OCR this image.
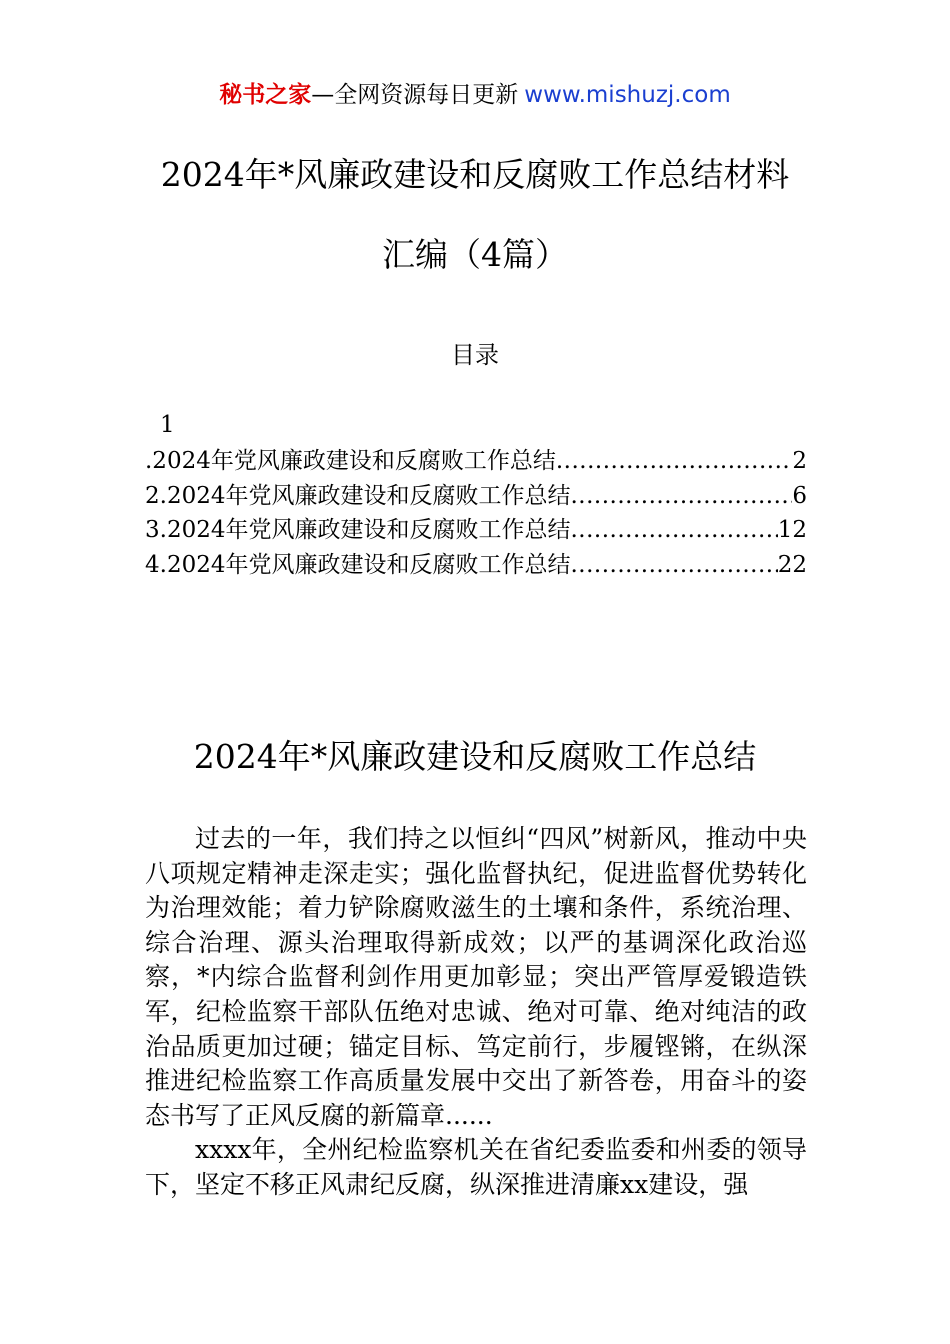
秘书之家—全网资源每日更新 www.mishuzj.com
2024年*风廉政建设和反腐败工作总结材料
汇编（4篇）
目录
1
.2024年党风廉政建设和反腐败工作总结 .....	2
2.2024年党风廉政建设和反腐败工作总结 .....	6
3.2024年党风廉政建设和反腐败工作总结 .....	12
4.2024年党风廉政建设和反腐败工作总结 .....	22
2024年*风廉政建设和反腐败工作总结

过去的一年，我们持之以恒纠“四风”树新风，推动中央八项规定精神走深走实；强化监督执纪，促进监督优势转化为治理效能；着力铲除腐败滋生的土壤和条件，系统治理、综合治理、源头治理取得新成效；以严的基调深化政治巡察，*内综合监督利剑作用更加彰显；突出严管厚爱锻造铁军，纪检监察干部队伍绝对忠诚、绝对可靠、绝对纯洁的政治品质更加过硬；锚定目标、笃定前行，步履铿锵，在纵深推进纪检监察工作高质量发展中交出了新答卷，用奋斗的姿态书写了正风反腐的新篇章......

xxxx年，全州纪检监察机关在省纪委监委和州委的领导下，坚定不移正风肃纪反腐，纵深推进清廉xx建设，强
